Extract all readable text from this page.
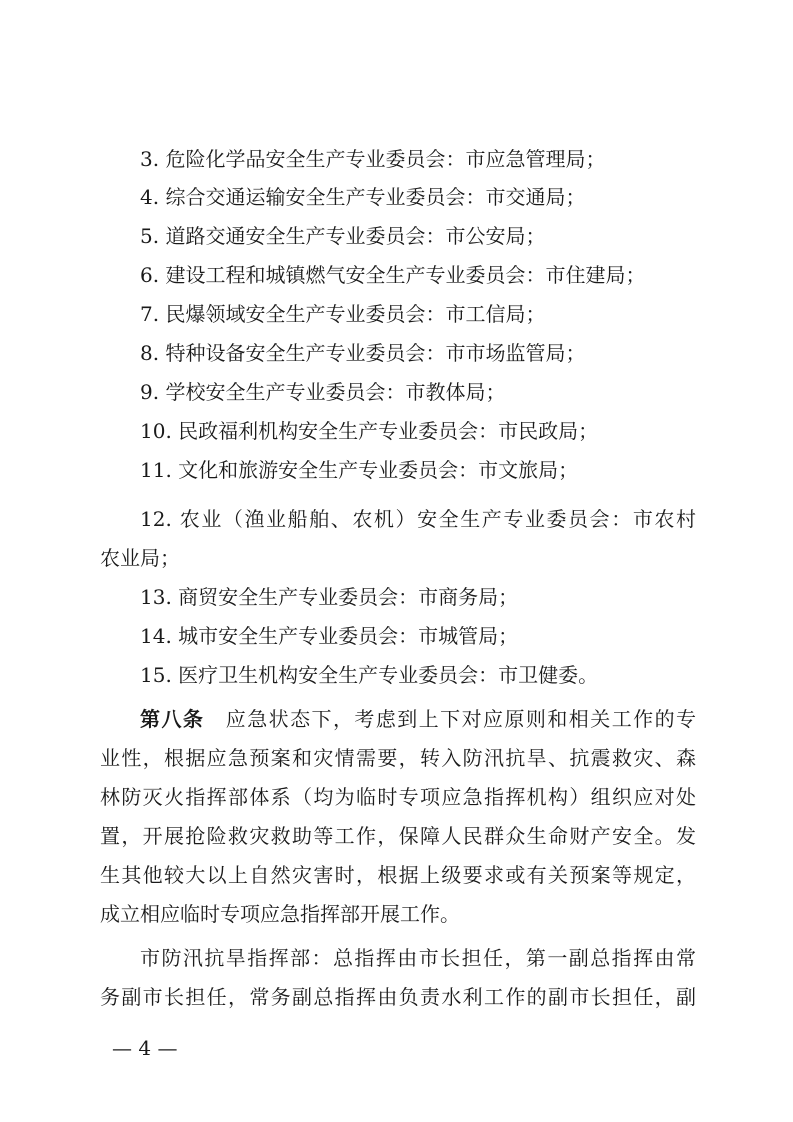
3. 危险化学品安全生产专业委员会：市应急管理局；
4. 综合交通运输安全生产专业委员会：市交通局；
5. 道路交通安全生产专业委员会：市公安局；
6. 建设工程和城镇燃气安全生产专业委员会：市住建局；
7. 民爆领域安全生产专业委员会：市工信局；
8. 特种设备安全生产专业委员会：市市场监管局；
9. 学校安全生产专业委员会：市教体局；
10. 民政福利机构安全生产专业委员会：市民政局；
11. 文化和旅游安全生产专业委员会：市文旅局；
12. 农业（渔业船舶、农机）安全生产专业委员会：市农村
农业局；
13. 商贸安全生产专业委员会：市商务局；
14. 城市安全生产专业委员会：市城管局；
15. 医疗卫生机构安全生产专业委员会：市卫健委。
第八条　应急状态下，考虑到上下对应原则和相关工作的专
业性，根据应急预案和灾情需要，转入防汛抗旱、抗震救灾、森
林防灭火指挥部体系（均为临时专项应急指挥机构）组织应对处
置，开展抢险救灾救助等工作，保障人民群众生命财产安全。发
生其他较大以上自然灾害时，根据上级要求或有关预案等规定，
成立相应临时专项应急指挥部开展工作。
市防汛抗旱指挥部：总指挥由市长担任，第一副总指挥由常
务副市长担任，常务副总指挥由负责水利工作的副市长担任，副
— 4 —
